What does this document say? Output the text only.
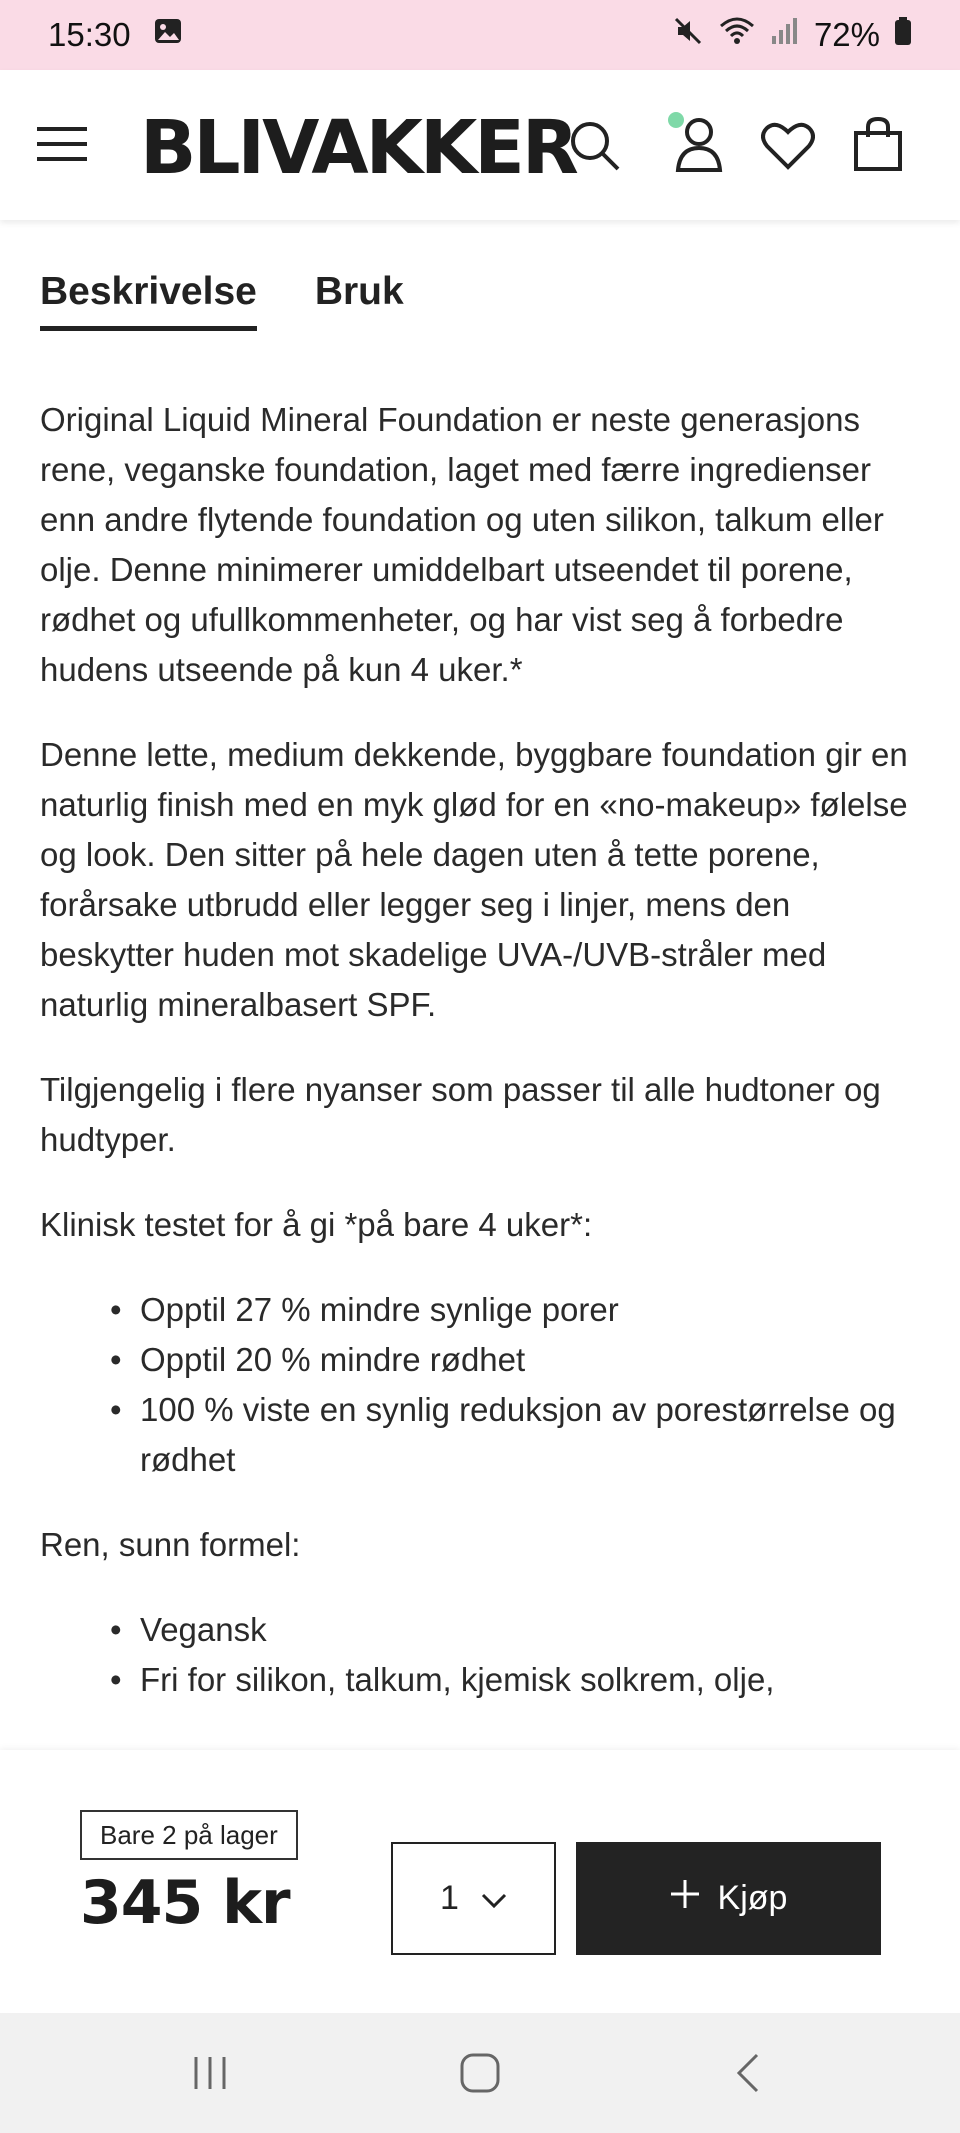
15:30	72%
BLIVAKKER
Beskrivelse Bruk

Original Liquid Mineral Foundation er neste generasjons rene, veganske foundation, laget med færre ingredienser enn andre flytende foundation og uten silikon, talkum eller olje. Denne minimerer umiddelbart utseendet til porene, rødhet og ufullkommenheter, og har vist seg å forbedre hudens utseende på kun 4 uker.*

Denne lette, medium dekkende, byggbare foundation gir en naturlig finish med en myk glød for en «no-makeup» følelse og look. Den sitter på hele dagen uten å tette porene, forårsake utbrudd eller legger seg i linjer, mens den beskytter huden mot skadelige UVA-/UVB-stråler med naturlig mineralbasert SPF.

Tilgjengelig i flere nyanser som passer til alle hudtoner og hudtyper.

Klinisk testet for å gi *på bare 4 uker*:

• Opptil 27 % mindre synlige porer
• Opptil 20 % mindre rødhet
• 100 % viste en synlig reduksjon av porestørrelse og rødhet

Ren, sunn formel:

• Vegansk
• Fri for silikon, talkum, kjemisk solkrem, olje,
Bare 2 på lager
345 kr	1	Kjøp
